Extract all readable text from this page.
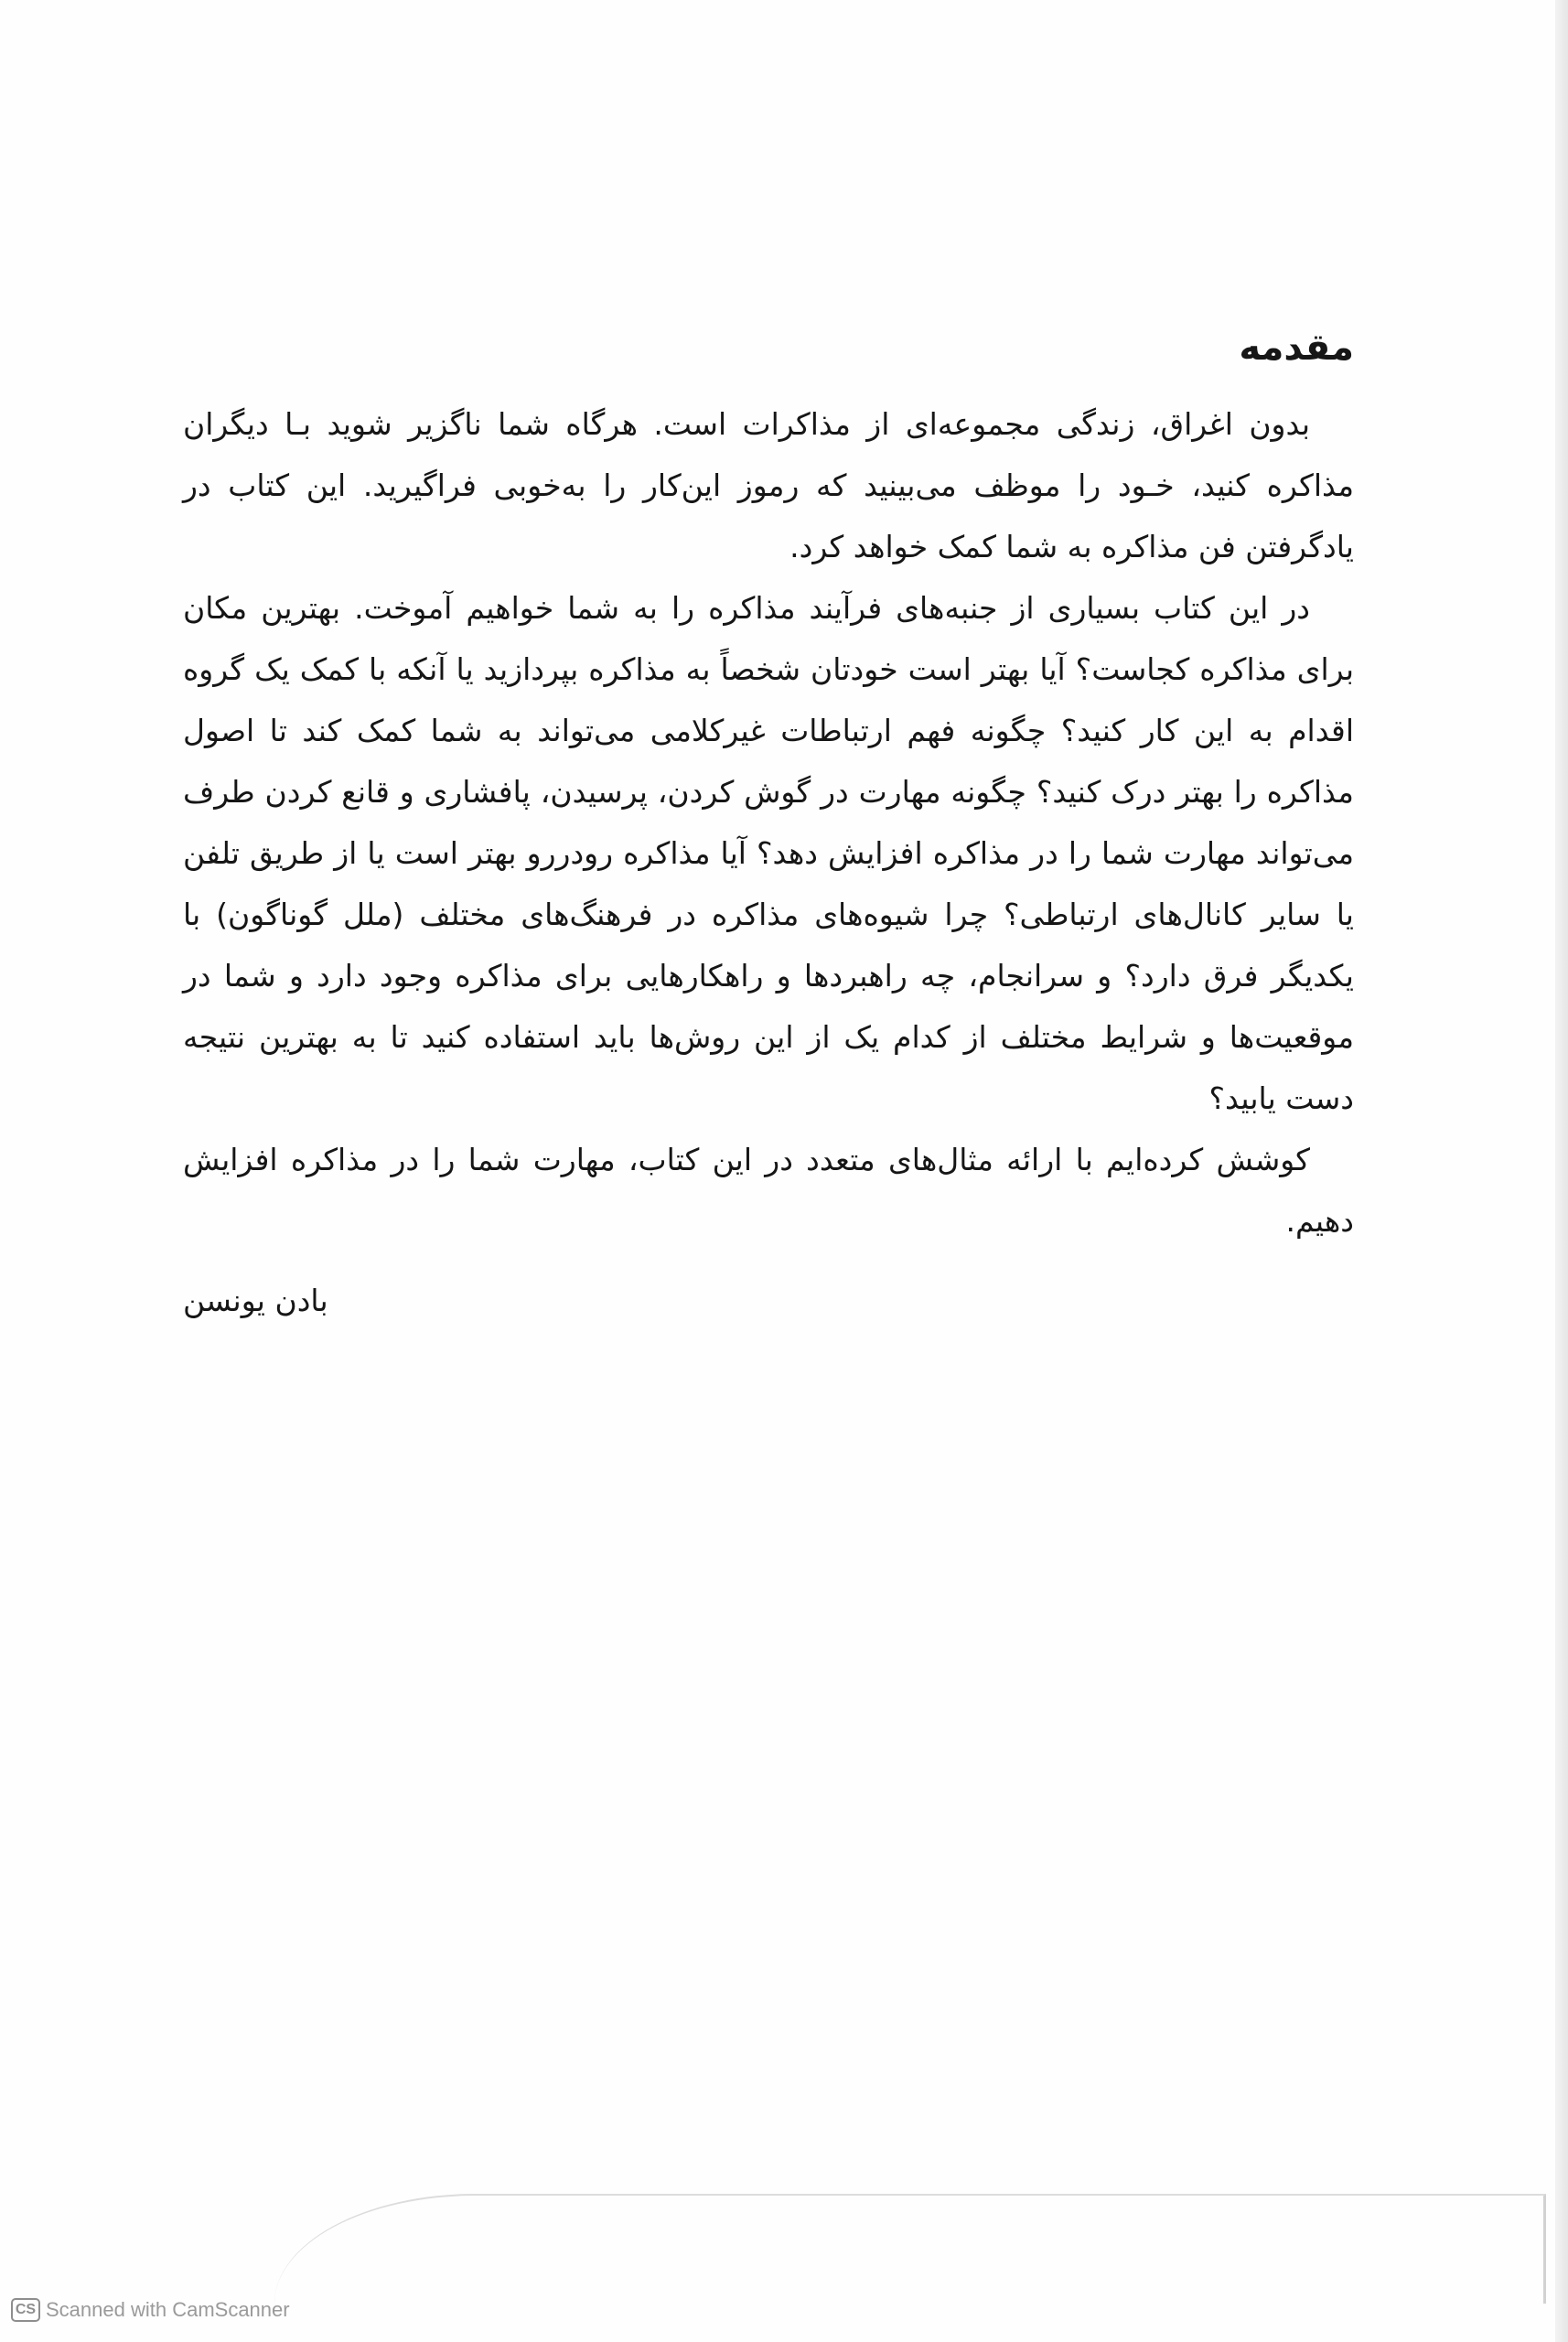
مقدمه

بدون اغراق، زندگی مجموعه‌ای از مذاکرات است. هرگاه شما ناگزیر شوید بـا دیگران مذاکره کنید، خـود را موظف می‌بینید که رموز این‌کار را به‌خوبی فراگیرید. این کتاب در یادگرفتن فن مذاکره به شما کمک خواهد کرد.

در این کتاب بسیاری از جنبه‌های فرآیند مذاکره را به شما خواهیم آموخت. بهترین مکان برای مذاکره کجاست؟ آیا بهتر است خودتان شخصاً به مذاکره بپردازید یا آنکه با کمک یک گروه اقدام به این کار کنید؟ چگونه فهم ارتباطات غیرکلامی می‌تواند به شما کمک کند تا اصول مذاکره را بهتر درک کنید؟ چگونه مهارت در گوش کردن، پرسیدن، پافشاری و قانع کردن طرف می‌تواند مهارت شما را در مذاکره افزایش دهد؟ آیا مذاکره رودررو بهتر است یا از طریق تلفن یا سایر کانال‌های ارتباطی؟ چرا شیوه‌های مذاکره در فرهنگ‌های مختلف (ملل گوناگون) با یکدیگر فرق دارد؟ و سرانجام، چه راهبردها و راهکارهایی برای مذاکره وجود دارد و شما در موقعیت‌ها و شرایط مختلف از کدام یک از این روش‌ها باید استفاده کنید تا به بهترین نتیجه دست یابید؟

کوشش کرده‌ایم با ارائه مثال‌های متعدد در این کتاب، مهارت شما را در مذاکره افزایش دهیم.

بادن یونسن
CS Scanned with CamScanner
